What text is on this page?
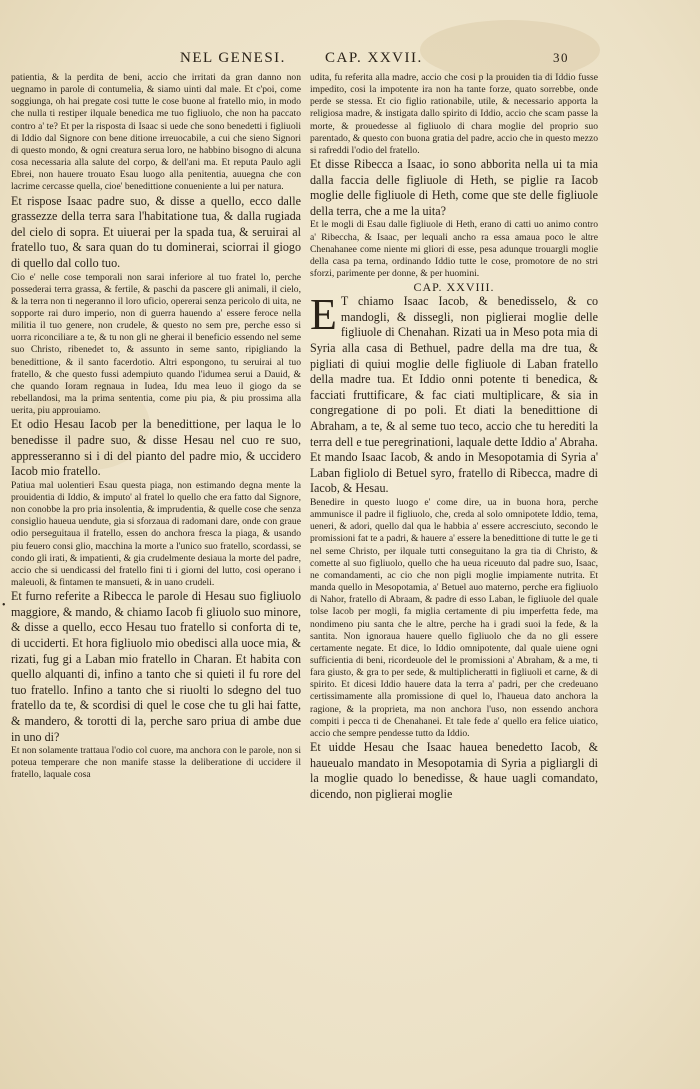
NEL GENESI.	CAP. XXVII.	30
•

patientia, & la perdita de beni, accio che irritati da gran danno non uegnamo in parole di contumelia, & siamo uinti dal male. Et c'poi, come soggiunga, oh hai pregate cosi tutte le cose buone al fratello mio, in modo che nulla ti restiper ilquale benedica me tuo figliuolo, che non ha paccato contro a' te? Et per la risposta di Isaac si uede che sono benedetti i figliuoli di Iddio dal Signore con bene ditione irreuocabile, a cui che sieno Signori di questo mondo, & ogni creatura serua loro, ne habbino bisogno di alcuna cosa necessaria alla salute del corpo, & dell'ani ma. Et reputa Paulo agli Ebrei, non hauere trouato Esau luogo alla penitentia, auuegna che con lacrime cercasse quella, cioe' benedittione conueniente a lui per natura.

Et rispose Isaac padre suo, & disse a quello, ecco dalle grassezze della terra sara l'habitatione tua, & dalla rugiada del cielo di sopra. Et uiuerai per la spada tua, & seruirai al fratello tuo, & sara quan do tu dominerai, sciorrai il giogo di quello dal collo tuo.

Cio e' nelle cose temporali non sarai inferiore al tuo fratel lo, perche possederai terra grassa, & fertile, & paschi da pascere gli animali, il cielo, & la terra non ti negeranno il loro uficio, opererai senza pericolo di uita, ne sopporte rai duro imperio, non di guerra hauendo a' essere feroce nella militia il tuo genere, non crudele, & questo no sem pre, perche esso si uorra riconciliare a te, & tu non gli ne gherai il beneficio essendo nel seme suo Christo, ribenedet to, & assunto in seme santo, ripigliando la benedittione, & il santo facerdotio. Altri espongono, tu seruirai al tuo fratello, & che questo fussi adempiuto quando l'idumea serui a Dauid, & che quando Ioram regnaua in Iudea, Idu mea leuo il giogo da se rebellandosi, ma la prima sententia, come piu pia, & piu prossima alla uerita, piu approuiamo.

Et odio Hesau Iacob per la benedittione, per laqua le lo benedisse il padre suo, & disse Hesau nel cuo re suo, appresseranno si i di del pianto del padre mio, & uccidero Iacob mio fratello.

Patiua mal uolentieri Esau questa piaga, non estimando degna mente la prouidentia di Iddio, & imputo' al fratel lo quello che era fatto dal Signore, non conobbe la pro pria insolentia, & imprudentia, & quelle cose che senza consiglio haueua uendute, gia si sforzaua di radomani dare, onde con graue odio perseguitaua il fratello, essen do anchora fresca la piaga, & usando piu feuero consi glio, macchina la morte a l'unico suo fratello, scordassi, se condo gli irati, & impatienti, & gia crudelmente desiaua la morte del padre, accio che si uendicassi del fratello fini ti i giorni del lutto, cosi operano i maleuoli, & fintamen te mansueti, & in uano crudeli.

Et furno referite a Ribecca le parole di Hesau suo figliuolo maggiore, & mando, & chiamo Iacob fi gliuolo suo minore, & disse a quello, ecco Hesau tuo fratello si conforta di te, di ucciderti. Et hora figliuolo mio obedisci alla uoce mia, & rizati, fug gi a Laban mio fratello in Charan. Et habita con quello alquanti di, infino a tanto che si quieti il fu rore del tuo fratello. Infino a tanto che si riuolti lo sdegno del tuo fratello da te, & scordisi di quel le cose che tu gli hai fatte, & mandero, & torotti di la, perche saro priua di ambe due in uno di?

Et non solamente trattaua l'odio col cuore, ma anchora con le parole, non si poteua temperare che non manife stasse la deliberatione di uccidere il fratello, laquale cosa

udita, fu referita alla madre, accio che cosi p la prouiden tia di Iddio fusse impedito, cosi la impotente ira non ha tante forze, quato sorrebbe, onde perde se stessa. Et cio figlio rationabile, utile, & necessario apporta la religiosa madre, & instigata dallo spirito di Iddio, accio che scam passe la morte, & prouedesse al figliuolo di chara moglie del proprio suo parentado, & questo con buona gratia del padre, accio che in questo mezzo si rafreddi l'odio del fratello.

Et disse Ribecca a Isaac, io sono abborita nella ui ta mia dalla faccia delle figliuole di Heth, se piglie ra Iacob moglie delle figliuole di Heth, come que ste delle figliuole della terra, che a me la uita?

Et le mogli di Esau dalle figliuole di Heth, erano di catti uo animo contro a' Ribeccha, & Isaac, per lequali ancho ra essa amaua poco le altre Chenahanee come niente mi gliori di esse, pesa adunque trouargli moglie della casa pa terna, ordinando Iddio tutte le cose, promotore de no stri sforzi, parimente per donne, & per huomini.

CAP. XXVIII.

E T chiamo Isaac Iacob, & benedisselo, & co mandogli, & dissegli, non piglierai moglie delle figliuole di Chenahan. Rizati ua in Meso pota mia di Syria alla casa di Bethuel, padre della ma dre tua, & pigliati di quiui moglie delle figliuole di Laban fratello della madre tua. Et Iddio onni potente ti benedica, & facciati fruttificare, & fac ciati multiplicare, & sia in congregatione di po poli. Et diati la benedittione di Abraham, a te, & al seme tuo teco, accio che tu herediti la terra dell e tue peregrinationi, laquale dette Iddio a' Abraha.

Et mando Isaac Iacob, & ando in Mesopotamia di Syria a' Laban figliolo di Betuel syro, fratello di Ribecca, madre di Iacob, & Hesau.

Benedire in questo luogo e' come dire, ua in buona hora, perche ammunisce il padre il figliuolo, che, creda al solo omnipotete Iddio, tema, ueneri, & adori, quello dal qua le habbia a' essere accresciuto, secondo le promissioni fat te a padri, & hauere a' essere la benedittione di tutte le ge ti nel seme Christo, per ilquale tutti conseguitano la gra tia di Christo, & comette al suo figliuolo, quello che ha ueua riceuuto dal padre suo, Isaac, ne comandamenti, ac cio che non pigli moglie impiamente nutrita. Et manda quello in Mesopotamia, a' Betuel auo materno, perche era figliuolo di Nahor, fratello di Abraam, & padre di esso Laban, le figliuole del quale tolse Iacob per mogli, fa miglia certamente di piu imperfetta fede, ma nondimeno piu santa che le altre, perche ha i gradi suoi la fede, & la santita. Non ignoraua hauere quello figliuolo che da no gli essere certamente negate. Et dice, lo Iddio omnipotente, dal quale uiene ogni sufficientia di beni, ricordeuole del le promissioni a' Abraham, & a me, ti fara giusto, & gra to per sede, & multiplicheratti in figliuoli et carne, & di spirito. Et dicesi Iddio hauere data la terra a' padri, per che credeuano certissimamente alla promissione di quel lo, l'haueua dato anchora la ragione, & la proprieta, ma non anchora l'uso, non essendo anchora compiti i pecca ti de Chenahanei. Et tale fede a' quello era felice uiatico, accio che sempre pendesse tutto da Iddio.

Et uidde Hesau che Isaac hauea benedetto Iacob, & haueualo mandato in Mesopotamia di Syria a pigliargli di la moglie quado lo benedisse, & haue uagli comandato, dicendo, non piglierai moglie
